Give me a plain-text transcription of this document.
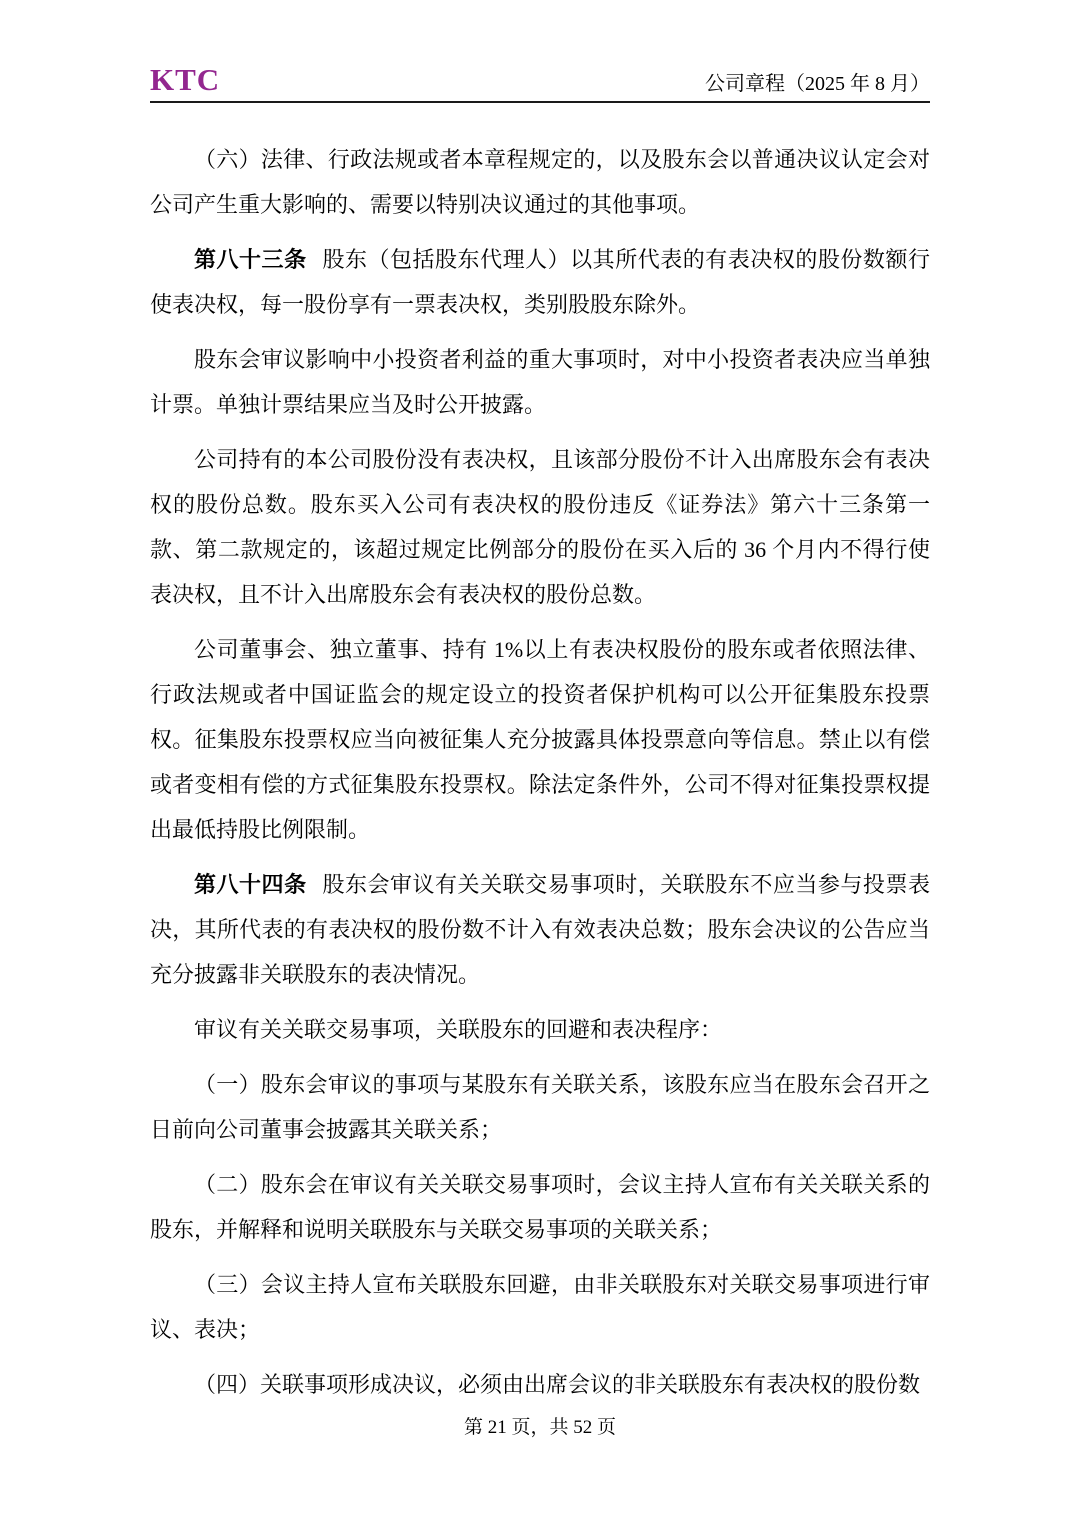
KTC	公司章程（2025 年 8 月）

（六）法律、行政法规或者本章程规定的，以及股东会以普通决议认定会对公司产生重大影响的、需要以特别决议通过的其他事项。

第八十三条 股东（包括股东代理人）以其所代表的有表决权的股份数额行使表决权，每一股份享有一票表决权，类别股股东除外。

股东会审议影响中小投资者利益的重大事项时，对中小投资者表决应当单独计票。单独计票结果应当及时公开披露。

公司持有的本公司股份没有表决权，且该部分股份不计入出席股东会有表决权的股份总数。股东买入公司有表决权的股份违反《证券法》第六十三条第一款、第二款规定的，该超过规定比例部分的股份在买入后的 36 个月内不得行使表决权，且不计入出席股东会有表决权的股份总数。

公司董事会、独立董事、持有 1%以上有表决权股份的股东或者依照法律、行政法规或者中国证监会的规定设立的投资者保护机构可以公开征集股东投票权。征集股东投票权应当向被征集人充分披露具体投票意向等信息。禁止以有偿或者变相有偿的方式征集股东投票权。除法定条件外，公司不得对征集投票权提出最低持股比例限制。

第八十四条 股东会审议有关关联交易事项时，关联股东不应当参与投票表决，其所代表的有表决权的股份数不计入有效表决总数；股东会决议的公告应当充分披露非关联股东的表决情况。

审议有关关联交易事项，关联股东的回避和表决程序：

（一）股东会审议的事项与某股东有关联关系，该股东应当在股东会召开之日前向公司董事会披露其关联关系；

（二）股东会在审议有关关联交易事项时，会议主持人宣布有关关联关系的股东，并解释和说明关联股东与关联交易事项的关联关系；

（三）会议主持人宣布关联股东回避，由非关联股东对关联交易事项进行审议、表决；

（四）关联事项形成决议，必须由出席会议的非关联股东有表决权的股份数

第 21 页，共 52 页
